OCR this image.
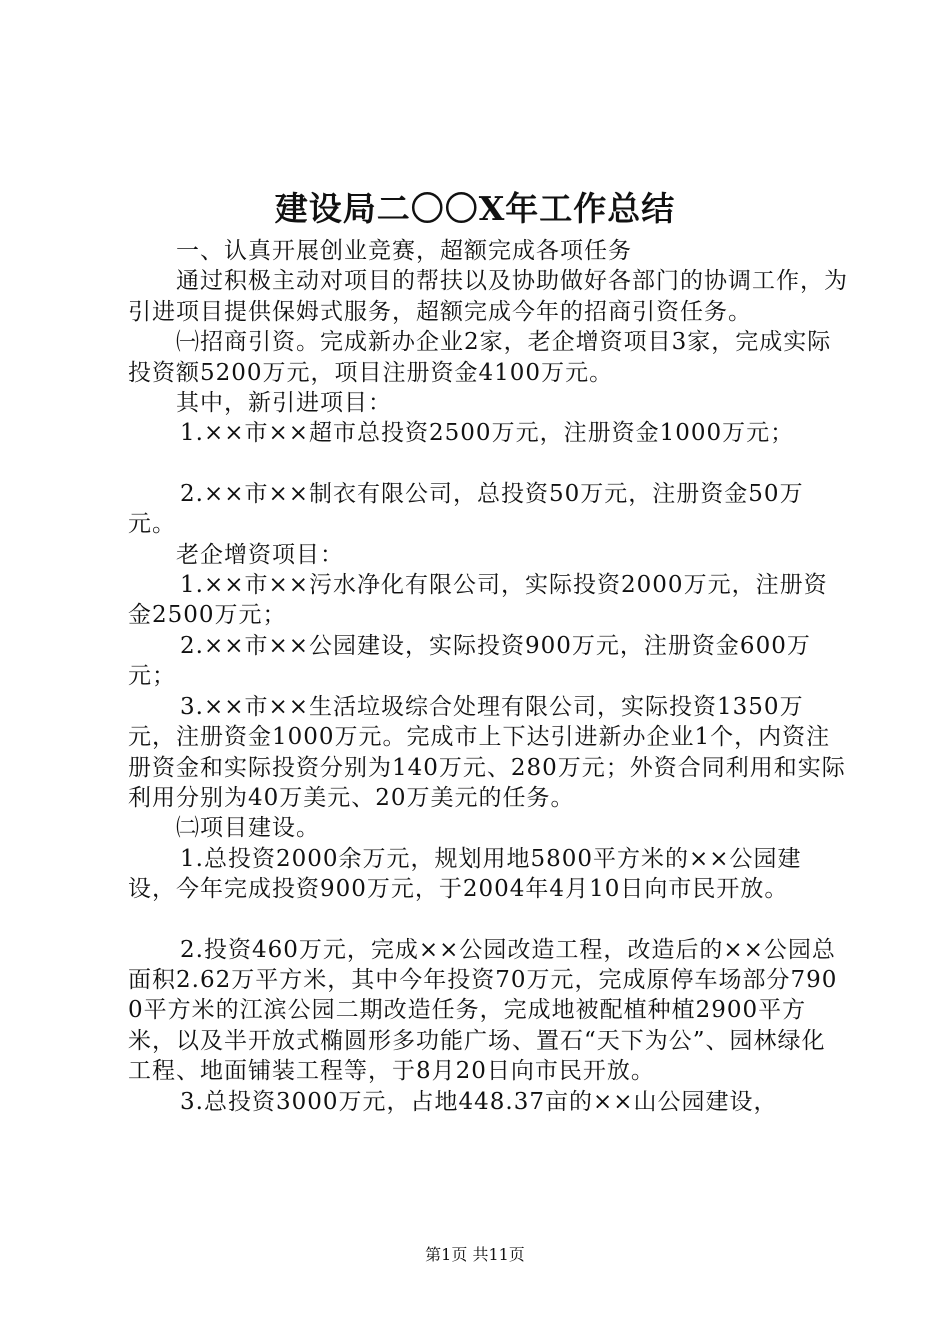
建设局二〇〇X年工作总结

一、认真开展创业竞赛，超额完成各项任务

通过积极主动对项目的帮扶以及协助做好各部门的协调工作，为引进项目提供保姆式服务，超额完成今年的招商引资任务。

㈠招商引资。完成新办企业2家，老企增资项目3家，完成实际投资额5200万元，项目注册资金4100万元。

其中，新引进项目：

1.××市××超市总投资2500万元，注册资金1000万元；

2.××市××制衣有限公司，总投资50万元，注册资金50万元。

老企增资项目：

1.××市××污水净化有限公司，实际投资2000万元，注册资金2500万元；

2.××市××公园建设，实际投资900万元，注册资金600万元；

3.××市××生活垃圾综合处理有限公司，实际投资1350万元，注册资金1000万元。完成市上下达引进新办企业1个，内资注册资金和实际投资分别为140万元、280万元；外资合同利用和实际利用分别为40万美元、20万美元的任务。

㈡项目建设。

1.总投资2000余万元，规划用地5800平方米的××公园建设，今年完成投资900万元，于2004年4月10日向市民开放。

2.投资460万元，完成××公园改造工程，改造后的××公园总面积2.62万平方米，其中今年投资70万元，完成原停车场部分7900平方米的江滨公园二期改造任务，完成地被配植种植2900平方米，以及半开放式椭圆形多功能广场、置石“天下为公”、园林绿化工程、地面铺装工程等，于8月20日向市民开放。

3.总投资3000万元，占地448.37亩的××山公园建设，

第1页 共11页
